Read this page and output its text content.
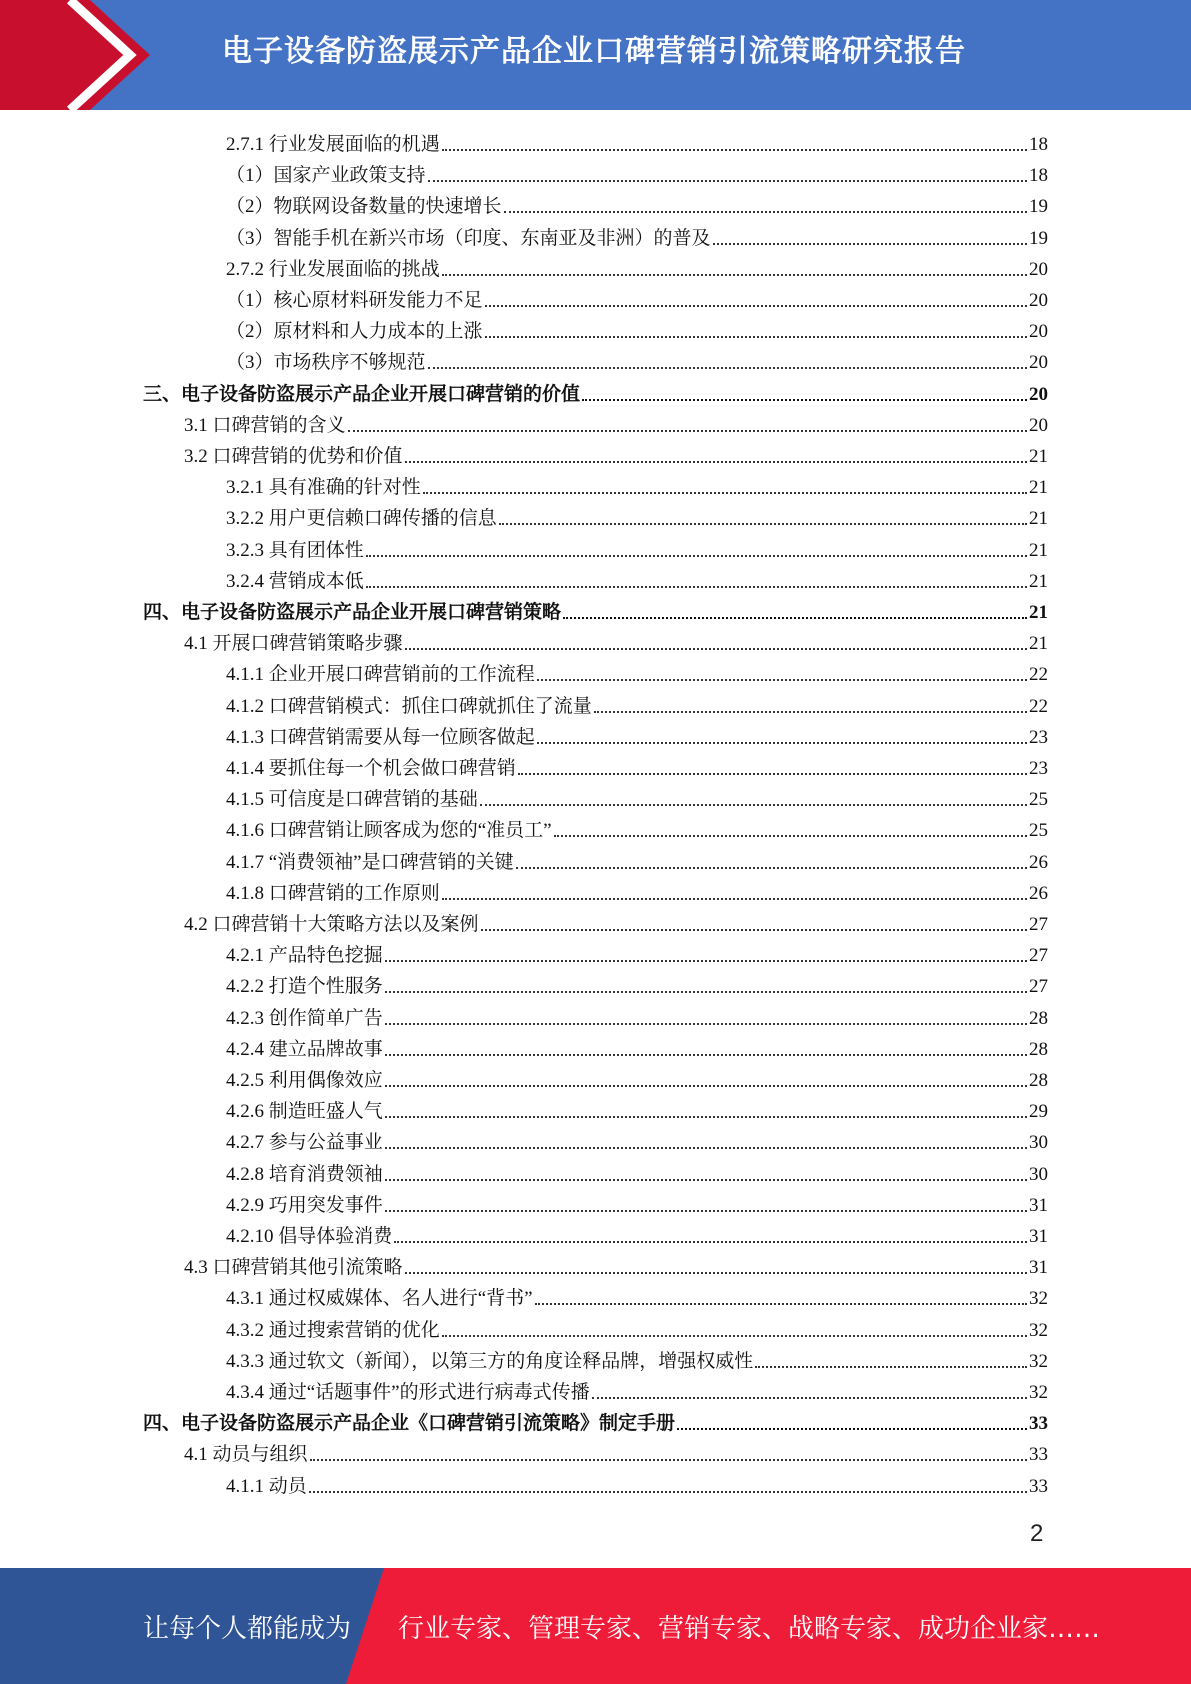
电子设备防盗展示产品企业口碑营销引流策略研究报告
2.7.1 行业发展面临的机遇	18
（1）国家产业政策支持	18
（2）物联网设备数量的快速增长	19
（3）智能手机在新兴市场（印度、东南亚及非洲）的普及	19
2.7.2 行业发展面临的挑战	20
（1）核心原材料研发能力不足	20
（2）原材料和人力成本的上涨	20
（3）市场秩序不够规范	20
三、电子设备防盗展示产品企业开展口碑营销的价值	20
3.1 口碑营销的含义	20
3.2 口碑营销的优势和价值	21
3.2.1 具有准确的针对性	21
3.2.2 用户更信赖口碑传播的信息	21
3.2.3 具有团体性	21
3.2.4 营销成本低	21
四、电子设备防盗展示产品企业开展口碑营销策略	21
4.1 开展口碑营销策略步骤	21
4.1.1 企业开展口碑营销前的工作流程	22
4.1.2 口碑营销模式：抓住口碑就抓住了流量	22
4.1.3 口碑营销需要从每一位顾客做起	23
4.1.4 要抓住每一个机会做口碑营销	23
4.1.5 可信度是口碑营销的基础	25
4.1.6 口碑营销让顾客成为您的“准员工”	25
4.1.7 “消费领袖”是口碑营销的关键	26
4.1.8 口碑营销的工作原则	26
4.2 口碑营销十大策略方法以及案例	27
4.2.1 产品特色挖掘	27
4.2.2 打造个性服务	27
4.2.3 创作简单广告	28
4.2.4 建立品牌故事	28
4.2.5 利用偶像效应	28
4.2.6 制造旺盛人气	29
4.2.7 参与公益事业	30
4.2.8 培育消费领袖	30
4.2.9 巧用突发事件	31
4.2.10 倡导体验消费	31
4.3 口碑营销其他引流策略	31
4.3.1 通过权威媒体、名人进行“背书”	32
4.3.2 通过搜索营销的优化	32
4.3.3 通过软文（新闻），以第三方的角度诠释品牌，增强权威性	32
4.3.4 通过“话题事件”的形式进行病毒式传播	32
四、电子设备防盗展示产品企业《口碑营销引流策略》制定手册	33
4.1 动员与组织	33
4.1.1 动员	33
2
让每个人都能成为 行业专家、管理专家、营销专家、战略专家、成功企业家……
